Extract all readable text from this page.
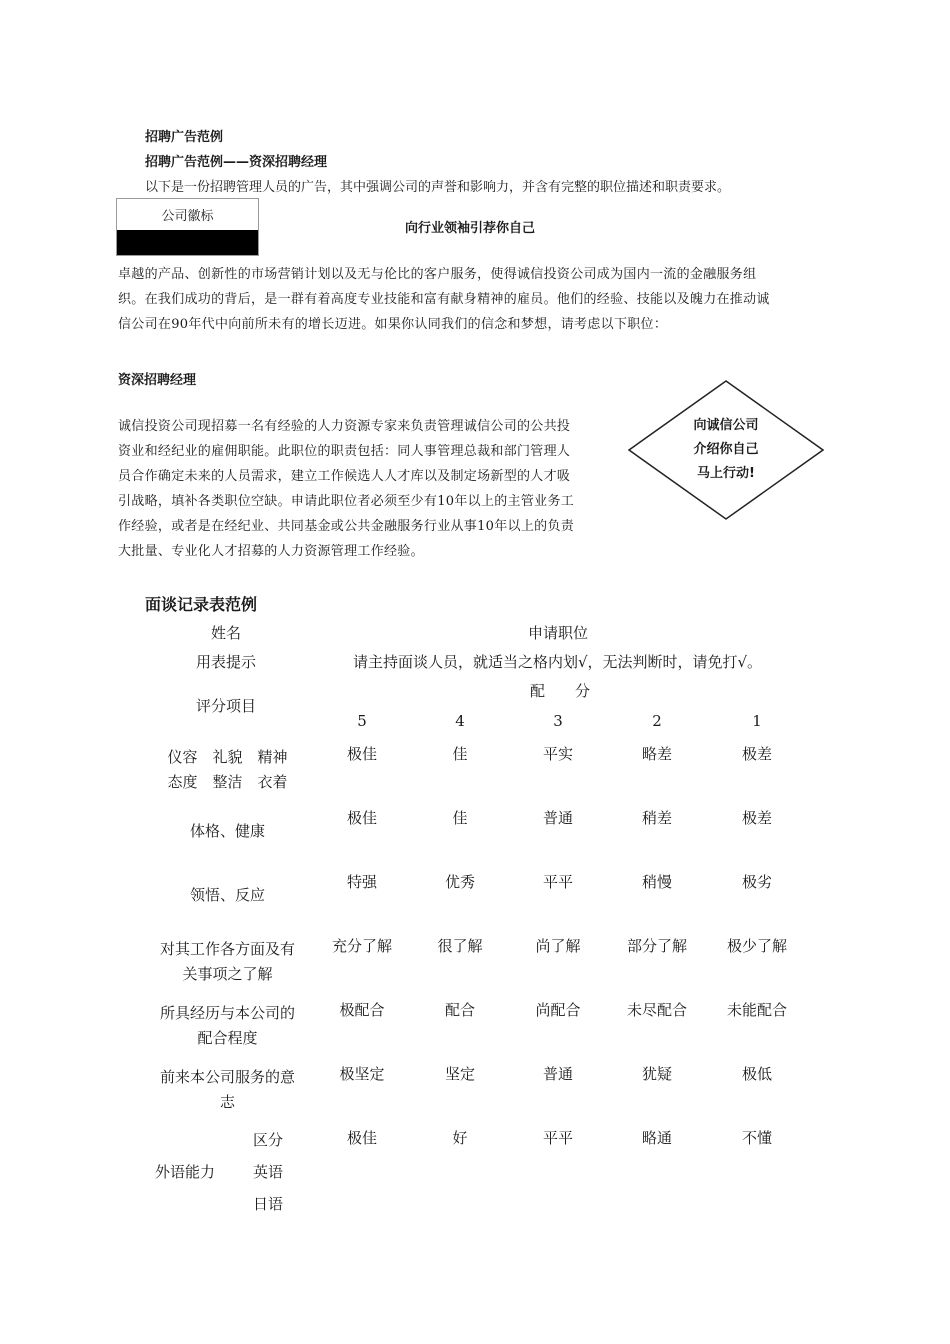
招聘广告范例
招聘广告范例——资深招聘经理
以下是一份招聘管理人员的广告，其中强调公司的声誉和影响力，并含有完整的职位描述和职责要求。
公司徽标
向行业领袖引荐你自己
卓越的产品、创新性的市场营销计划以及无与伦比的客户服务，使得诚信投资公司成为国内一流的金融服务组
织。在我们成功的背后，是一群有着高度专业技能和富有献身精神的雇员。他们的经验、技能以及魄力在推动诚
信公司在90年代中向前所未有的增长迈进。如果你认同我们的信念和梦想，请考虑以下职位：
资深招聘经理
诚信投资公司现招募一名有经验的人力资源专家来负责管理诚信公司的公共投
资业和经纪业的雇佣职能。此职位的职责包括：同人事管理总裁和部门管理人
员合作确定未来的人员需求，建立工作候选人人才库以及制定场新型的人才吸
引战略，填补各类职位空缺。申请此职位者必须至少有10年以上的主管业务工
作经验，或者是在经纪业、共同基金或公共金融服务行业从事10年以上的负责
大批量、专业化人才招募的人力资源管理工作经验。
向诚信公司
介绍你自己
马上行动!
面谈记录表范例
姓名	申请职位
用表提示	请主持面谈人员，就适当之格内划√，无法判断时，请免打√。
评分项目
配　　分
5	4	3	2	1
仪容　礼貌　精神
态度　整洁　衣着
极佳	佳	平实	略差	极差
体格、健康
极佳	佳	普通	稍差	极差
领悟、反应
特强	优秀	平平	稍慢	极劣
对其工作各方面及有
关事项之了解
充分了解	很了解	尚了解	部分了解	极少了解
所具经历与本公司的
配合程度
极配合	配合	尚配合	未尽配合	未能配合
前来本公司服务的意
志
极坚定	坚定	普通	犹疑	极低
外语能力
区分
英语
日语
极佳	好	平平	略通	不懂
